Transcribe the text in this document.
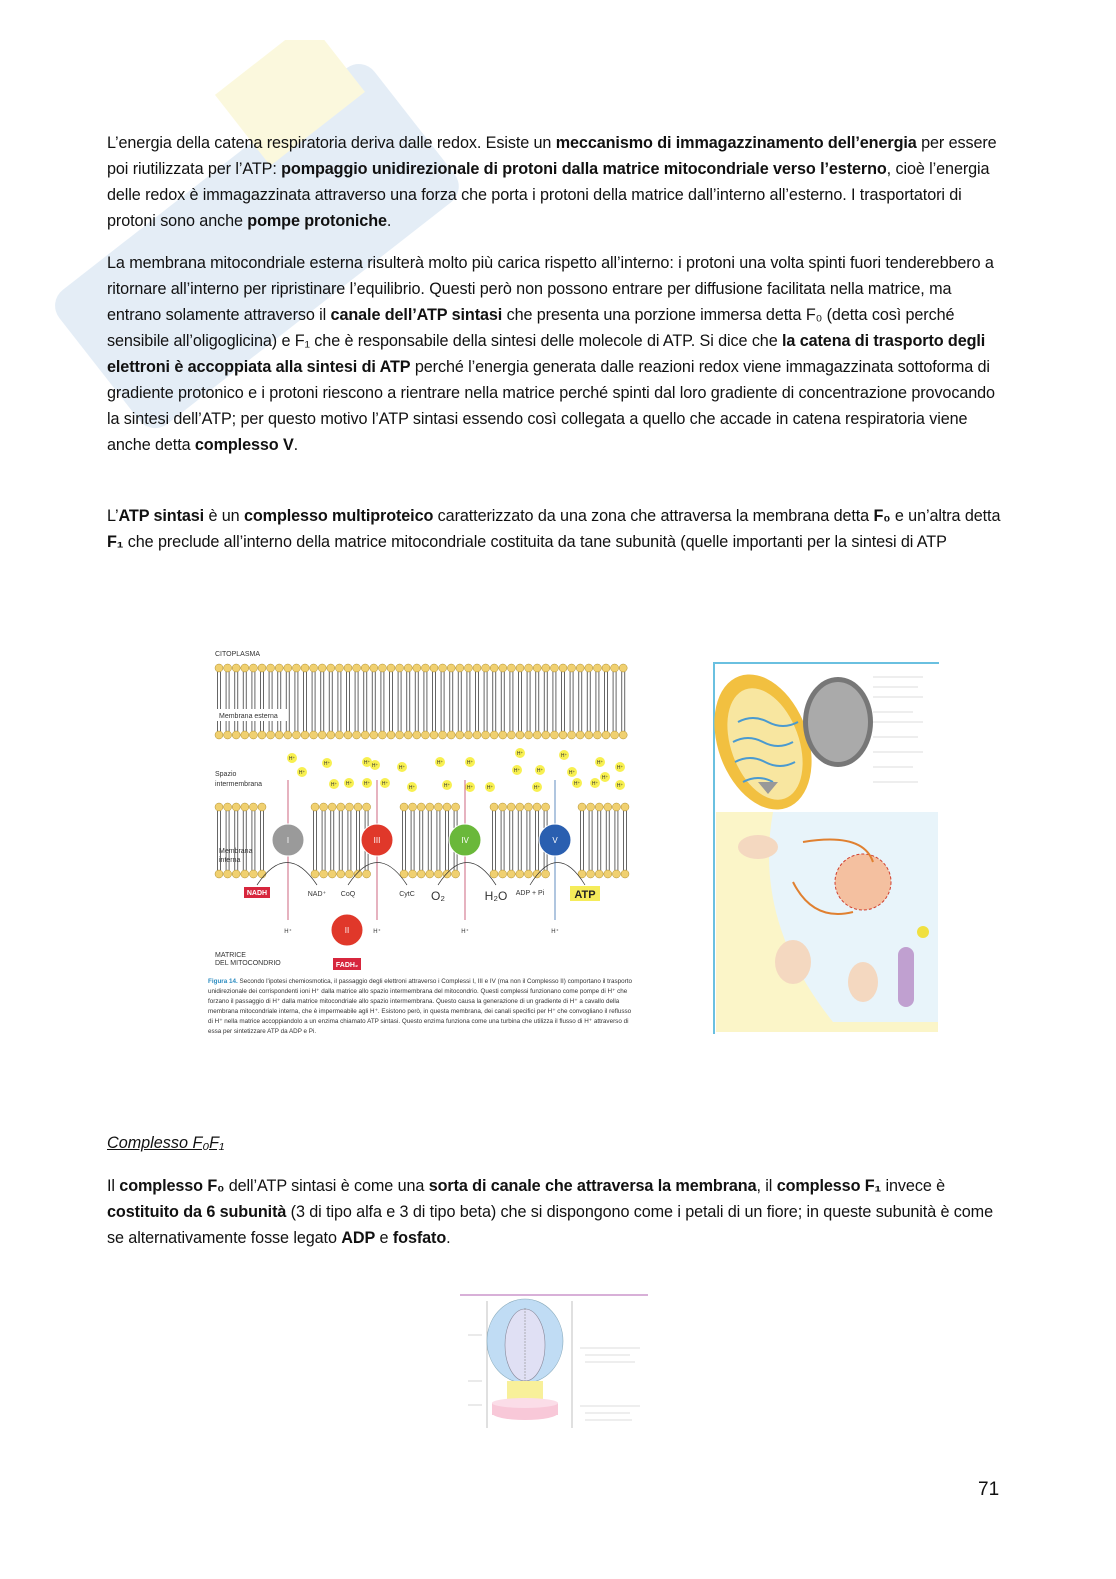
L’energia della catena respiratoria deriva dalle redox. Esiste un meccanismo di immagazzinamento dell’energia per essere poi riutilizzata per l’ATP: pompaggio unidirezionale di protoni dalla matrice mitocondriale verso l’esterno, cioè l’energia delle redox è immagazzinata attraverso una forza che porta i protoni della matrice dall’interno all’esterno. I trasportatori di protoni sono anche pompe protoniche.
La membrana mitocondriale esterna risulterà molto più carica rispetto all’interno: i protoni una volta spinti fuori tenderebbero a ritornare all’interno per ripristinare l’equilibrio. Questi però non possono entrare per diffusione facilitata nella matrice, ma entrano solamente attraverso il canale dell’ATP sintasi che presenta una porzione immersa detta F₀ (detta così perché sensibile all’oligoglicina) e F₁ che è responsabile della sintesi delle molecole di ATP. Si dice che la catena di trasporto degli elettroni è accoppiata alla sintesi di ATP perché l’energia generata dalle reazioni redox viene immagazzinata sottoforma di gradiente protonico e i protoni riescono a rientrare nella matrice perché spinti dal loro gradiente di concentrazione provocando la sintesi dell’ATP; per questo motivo l’ATP sintasi essendo così collegata a quello che accade in catena respiratoria viene anche detta complesso V.
L’ATP sintasi è un complesso multiproteico caratterizzato da una zona che attraversa la membrana detta F₀ e un’altra detta F₁ che preclude all’interno della matrice mitocondriale costituita da tane subunità (quelle importanti per la sintesi di ATP
CITOPLASMA
Membrana esterna
Spazio
intermembrana
Membrana
interna
H⁺
H⁺
H⁺
H⁺
H⁺ H⁺
H⁺ H⁺ H⁺
H⁺
H⁺
H⁺
H⁺
H⁺
H⁺	H⁺
H⁺
H⁺	H⁺
H⁺
H⁺
H⁺
H⁺
H⁺
H⁺
H⁺
H⁺
H⁺
H⁺	H⁺	H⁺	H⁺
I	III	IV	V
II
NADH	NAD⁺ CoQ	CytC O₂	H₂O ADP + Pi	ATP
MATRICE
DEL MITOCONDRIO	FADH₂
Figura 14. Secondo l'ipotesi chemiosmotica, il passaggio degli elettroni attraverso i Complessi I, III e IV (ma non il Complesso II) comportano il trasporto unidirezionale dei corrispondenti ioni H⁺ dalla matrice allo spazio intermembrana del mitocondrio. Questi complessi funzionano come pompe di H⁺ che forzano il passaggio di H⁺ dalla matrice mitocondriale allo spazio intermembrana. Questo causa la generazione di un gradiente di H⁺ a cavallo della membrana mitocondriale interna, che è impermeabile agli H⁺. Esistono però, in questa membrana, dei canali specifici per H⁺ che convogliano il reflusso di H⁺ nella matrice accoppiandolo a un enzima chiamato ATP sintasi. Questo enzima funziona come una turbina che utilizza il flusso di H⁺ attraverso di essa per sintetizzare ATP da ADP e Pi.
Complesso F₀F₁
Il complesso F₀ dell’ATP sintasi è come una sorta di canale che attraversa la membrana, il complesso F₁ invece è costituito da 6 subunità (3 di tipo alfa e 3 di tipo beta) che si dispongono come i petali di un fiore; in queste subunità è come se alternativamente fosse legato ADP e fosfato.
71
